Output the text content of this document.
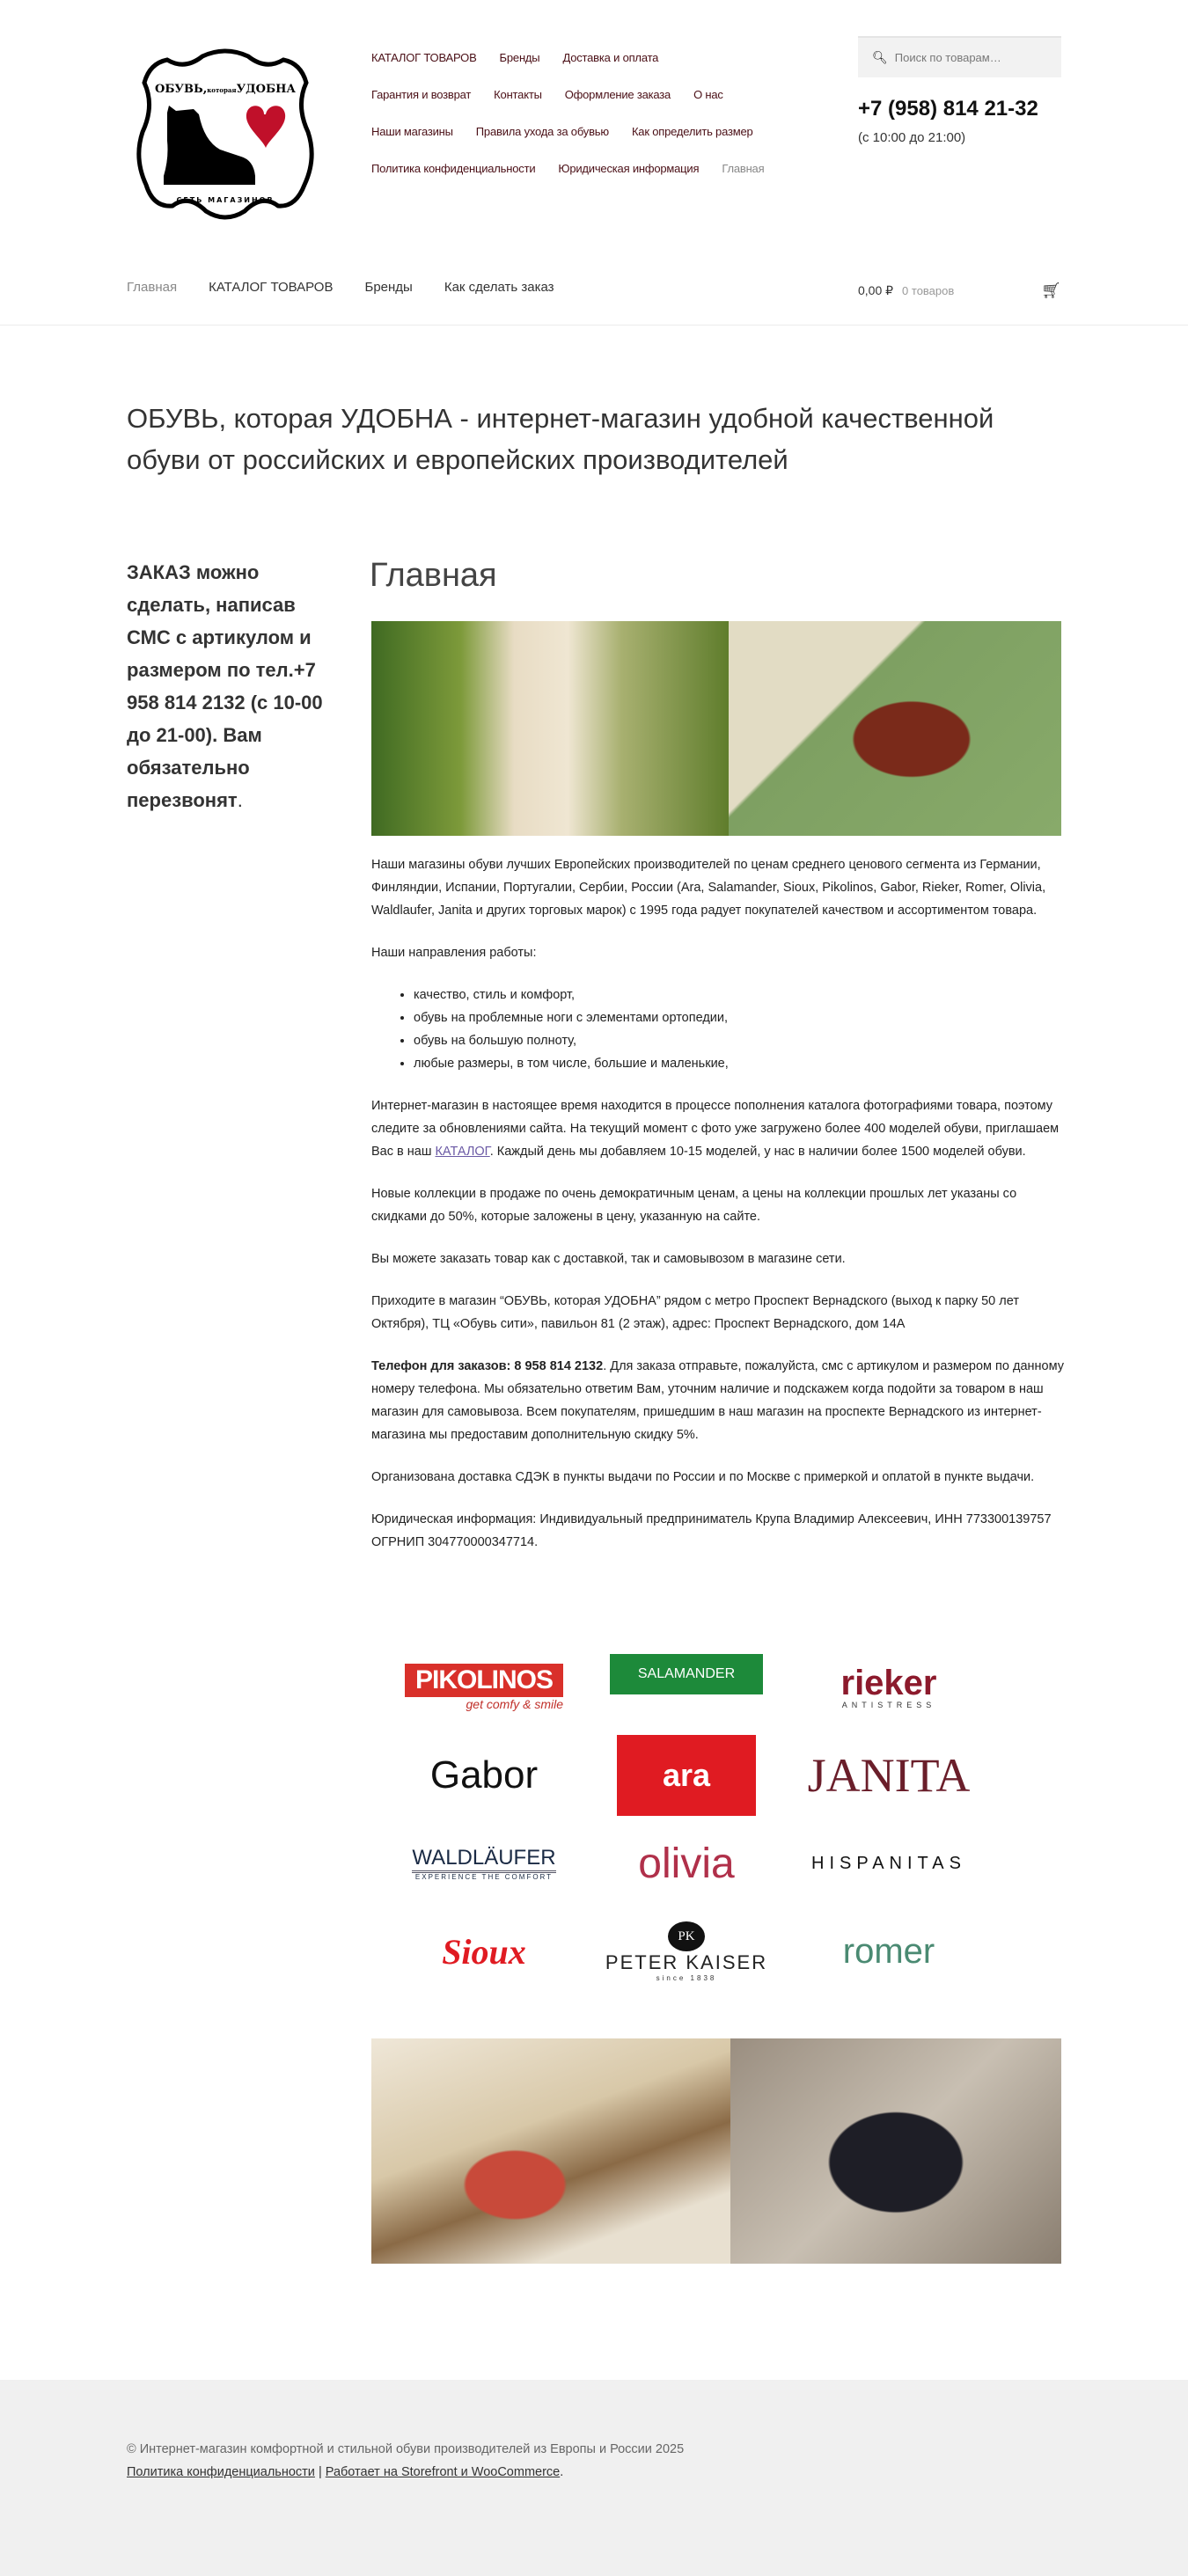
ОБУВЬ,котораяУДОБНА
СЕТЬ МАГАЗИНОВ
КАТАЛОГ ТОВАРОВ Бренды Доставка и оплата
Гарантия и возврат Контакты Оформление заказа О нас
Наши магазины Правила ухода за обувью Как определить размер
Политика конфиденциальности Юридическая информация Главная
🔍︎ Поиск по товарам…
+7 (958) 814 21-32
(с 10:00 до 21:00)
Главная КАТАЛОГ ТОВАРОВ Бренды Как сделать заказ	0,00 ₽ 0 товаров	🛒︎
ОБУВЬ, которая УДОБНА - интернет-магазин удобной качественной обуви от российских и европейских производителей
ЗАКАЗ можно сделать, написав СМС с артикулом и размером по тел.+7 958 814 2132 (с 10-00 до 21-00). Вам обязательно перезвонят.
Главная

Наши магазины обуви лучших Европейских производителей по ценам среднего ценового сегмента из Германии, Финляндии, Испании, Португалии, Сербии, России (Ara, Salamander, Sioux, Pikolinos, Gabor, Rieker, Romer, Olivia, Waldlaufer, Janita и других торговых марок) с 1995 года радует покупателей качеством и ассортиментом товара.

Наши направления работы:

• качество, стиль и комфорт,
• обувь на проблемные ноги с элементами ортопедии,
• обувь на большую полноту,
• любые размеры, в том числе, большие и маленькие,

Интернет-магазин в настоящее время находится в процессе пополнения каталога фотографиями товара, поэтому следите за обновлениями сайта. На текущий момент с фото уже загружено более 400 моделей обуви, приглашаем Вас в наш КАТАЛОГ. Каждый день мы добавляем 10-15 моделей, у нас в наличии более 1500 моделей обуви.

Новые коллекции в продаже по очень демократичным ценам, а цены на коллекции прошлых лет указаны со скидками до 50%, которые заложены в цену, указанную на сайте.

Вы можете заказать товар как с доставкой, так и самовывозом в магазине сети.

Приходите в магазин “ОБУВЬ, которая УДОБНА” рядом с метро Проспект Вернадского (выход к парку 50 лет Октября), ТЦ «Обувь сити», павильон 81 (2 этаж), адрес: Проспект Вернадского, дом 14А

Телефон для заказов: 8 958 814 2132. Для заказа отправьте, пожалуйста, смс с артикулом и размером по данному номеру телефона. Мы обязательно ответим Вам, уточним наличие и подскажем когда подойти за товаром в наш магазин для самовывоза. Всем покупателям, пришедшим в наш магазин на проспекте Вернадского из интернет-магазина мы предоставим дополнительную скидку 5%.

Организована доставка СДЭК в пункты выдачи по России и по Москве с примеркой и оплатой в пункте выдачи.

Юридическая информация: Индивидуальный предприниматель Крупа Владимир Алексеевич, ИНН 773300139757 ОГРНИП 304770000347714.

PIKOLINOS
get comfy & smile
SALAMANDER	rieker
ANTISTRESS
Gabor	ara	JANITA
WALDLÄUFER
EXPERIENCE THE COMFORT olivia	HISPANITAS
Sioux	PK
PETER KAISER
since 1838
romer
© Интернет-магазин комфортной и стильной обуви производителей из Европы и России 2025
Политика конфиденциальности | Работает на Storefront и WooCommerce.
